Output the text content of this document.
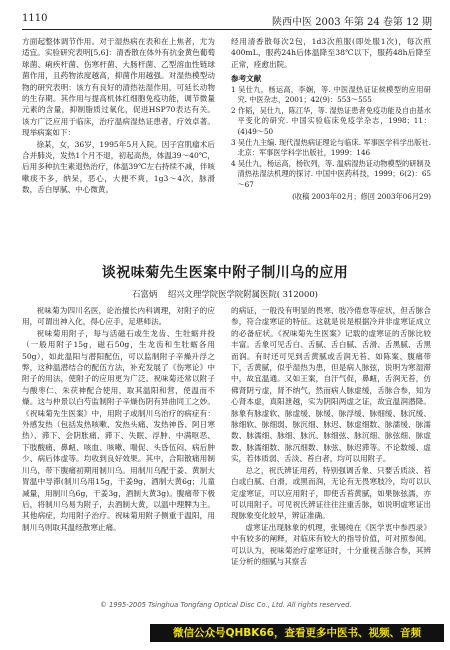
1110	陕西中医 2003 年第 24 卷第 12 期

方面起整体调节作用。对于湿热病在表和在上焦者，尤为适宜。实验研究表明[5,6]：清香散在体外有抗金黄色葡萄球菌、痢疾杆菌、伤寒杆菌、大肠杆菌、乙型溶血性链球菌作用，且药物浓度越高，抑菌作用越强。对湿热模型动物的研究表明：该方有良好的清热祛湿作用，可延长动物的生存期。其作用与提高机体红细胞免疫功能，调节微量元素的含量，抑制脂质过氧化，促进HSP70表达有关。该方广泛应用于临床，治疗温病湿热证患者，疗效卓著。现举病案如下：

徐某，女，36岁，1995年5月入院。因子宫肌瘤术后合并肺炎，发热1个月不退，初起高热，体温39～40℃，后用多种抗生素退热治疗，体温39℃左右持续不减，伴咳嗽痰不多，纳呆，恶心，大便不爽，1g3～4次，脉滑数，舌白厚腻、中心微黄。

经用清香散每次2包，1d3次煎服(即处服1次)，每次煎400mL，服药24h后体温降至38℃以下，服药48h后降至正常，痊愈出院。

参考文献

1 吴仕九，杨运高，李娴，等. 中医湿热证证候模型的应用研究. 中医杂志，2001；42(9)：553～555

2 作韬，吴仕九，陈江华，等. 湿热证患者免疫功能及自由基水平变化的研究. 中国实验临床免疫学杂志，1998；11：(4)49～50

3 吴仕九主编. 现代湿热病证理论与临床. 军事医学科学出版社. 北京：军事医学科学出版社，1999：146

4 吴仕九，杨运高，杨钦列，等. 温病湿热证动物模型的研制及清热祛湿法机理的探讨. 中国中医药科技，1999；6(2)：65～67

(收稿 2003年02月；修回 2003年06月29)

谈祝味菊先生医案中附子制川乌的应用
石富炳 绍兴文理学院医学院附属医院( 312000)

祝味菊为四川名医，论治擅长内科调理，对附子的应用，可谓出神入化，得心应手，足堪师法。

祝味菊用附子，每与活磁石或生龙齿、生牡蛎并投（一般用附子15g，磁石50g，生龙齿和生牡蛎各用50g），如此温阳与潜阳配伍，可以监制附子辛燥升浮之弊，这种温潜结合的配伍方法，补充发展了《伤寒论》中附子的用法，使附子的应用更为广泛。祝味菊还常以附子与酸枣仁、朱茯神配合使用，取其温阳和营，使温而不燥。这与仲景以白芍监制附子辛燥伤阴有异曲同工之妙。《祝味菊先生医案》中，用附子或制川乌治疗的病症有：外感发热（包括发热咳嗽、发热头痛、发热神昏、阿日寒热）、滞下、会阴胀痛、滞下、失眠、浮肿、中满呕恶、下肢酸痛、鼻衄、咳血、咳嗽、喘促、头昏伍闷、病后肿少、病后体虚等。均收到良好效果。其中，合阳散痛用制川乌，带下腹痛初期用制川乌。用制川乌配于姜、黄制大胃温中导滞(制川乌用15g，干姜9g，酒制大黄6g；儿童减量，用制川乌6g，干姜3g，酒制大黄3g)。腹痛带下极后，将制川乌易为附子，去酒制大黄，以温中理脾为主。其他病症，均用附子治疗。祝味菊用附子侧重于温阳，用制川乌则取其温经散寒止痛。

的病证，一般没有明显的畏寒、肢冷倦怠等症状，但舌脉合参，符合虚寒证的特征。这就是说是根据冷并非虚寒证成立的必备症状。《祝味菊先生医案》记载的虚寒证的舌脉比较丰富。舌象可见舌白、舌腻、舌白腻、舌滑、舌黑腻、舌黑而润。有时还可见到舌黄腻或舌润无苔、如陈案、腹痛带下，舌黄腻，似乎湿热为患，但是病人脉弦，说明为寒湿滞中，故宜温通。又如王案，自汗气促，鼻衄，舌润无苔，仿佛肾阴亏虚，肾不纳气，然而病人脉虚缓，舌脉合参，知为心肾本虚，真阳泄越，实为阴阳两虚之证，故宜温润潜降。脉象有脉虚软、脉虚缓、脉缓、脉浮缓、脉细缓、脉沉缓、脉细软、脉细弱、脉沉细、脉迟、脉虚细数、脉濡缓、脉濡数、脉濡细、脉细、脉沉、脉细弦、脉沉细、脉弦细、脉虚数、脉濡细数、脉沉细数、脉弦、脉迟滞等。不论数缓、虚实，若体质弱、舌淡、苔白者，均可以用附子。

总之，祝氏辨证用药，特别强调舌象、只要舌质淡、苔白或白腻、白滑，或黑而润，无论有无畏寒肢冷，均可以认定虚寒证，可以应用附子，即使舌苔黄腻，如果脉弦濡，亦可以用附子。可见祝氏辨证往往注重舌脉，如说明虚寒证出现脉象变化较早，辨证准确。

虚寒证出现脉象的机理，张锡纯在《医学衷中参西录》中有较多的阐释，对临床有较大的指导价值，可对照参阅。可以认为，祝味菊治疗虚寒证时，十分重视舌脉合参，其辨证分析的细腻与其察舌

© 1995-2005 Tsinghua Tongfang Optical Disc Co., Ltd. All rights reserved.
微信公众号QHBK66，查看更多中医书、视频、音频
